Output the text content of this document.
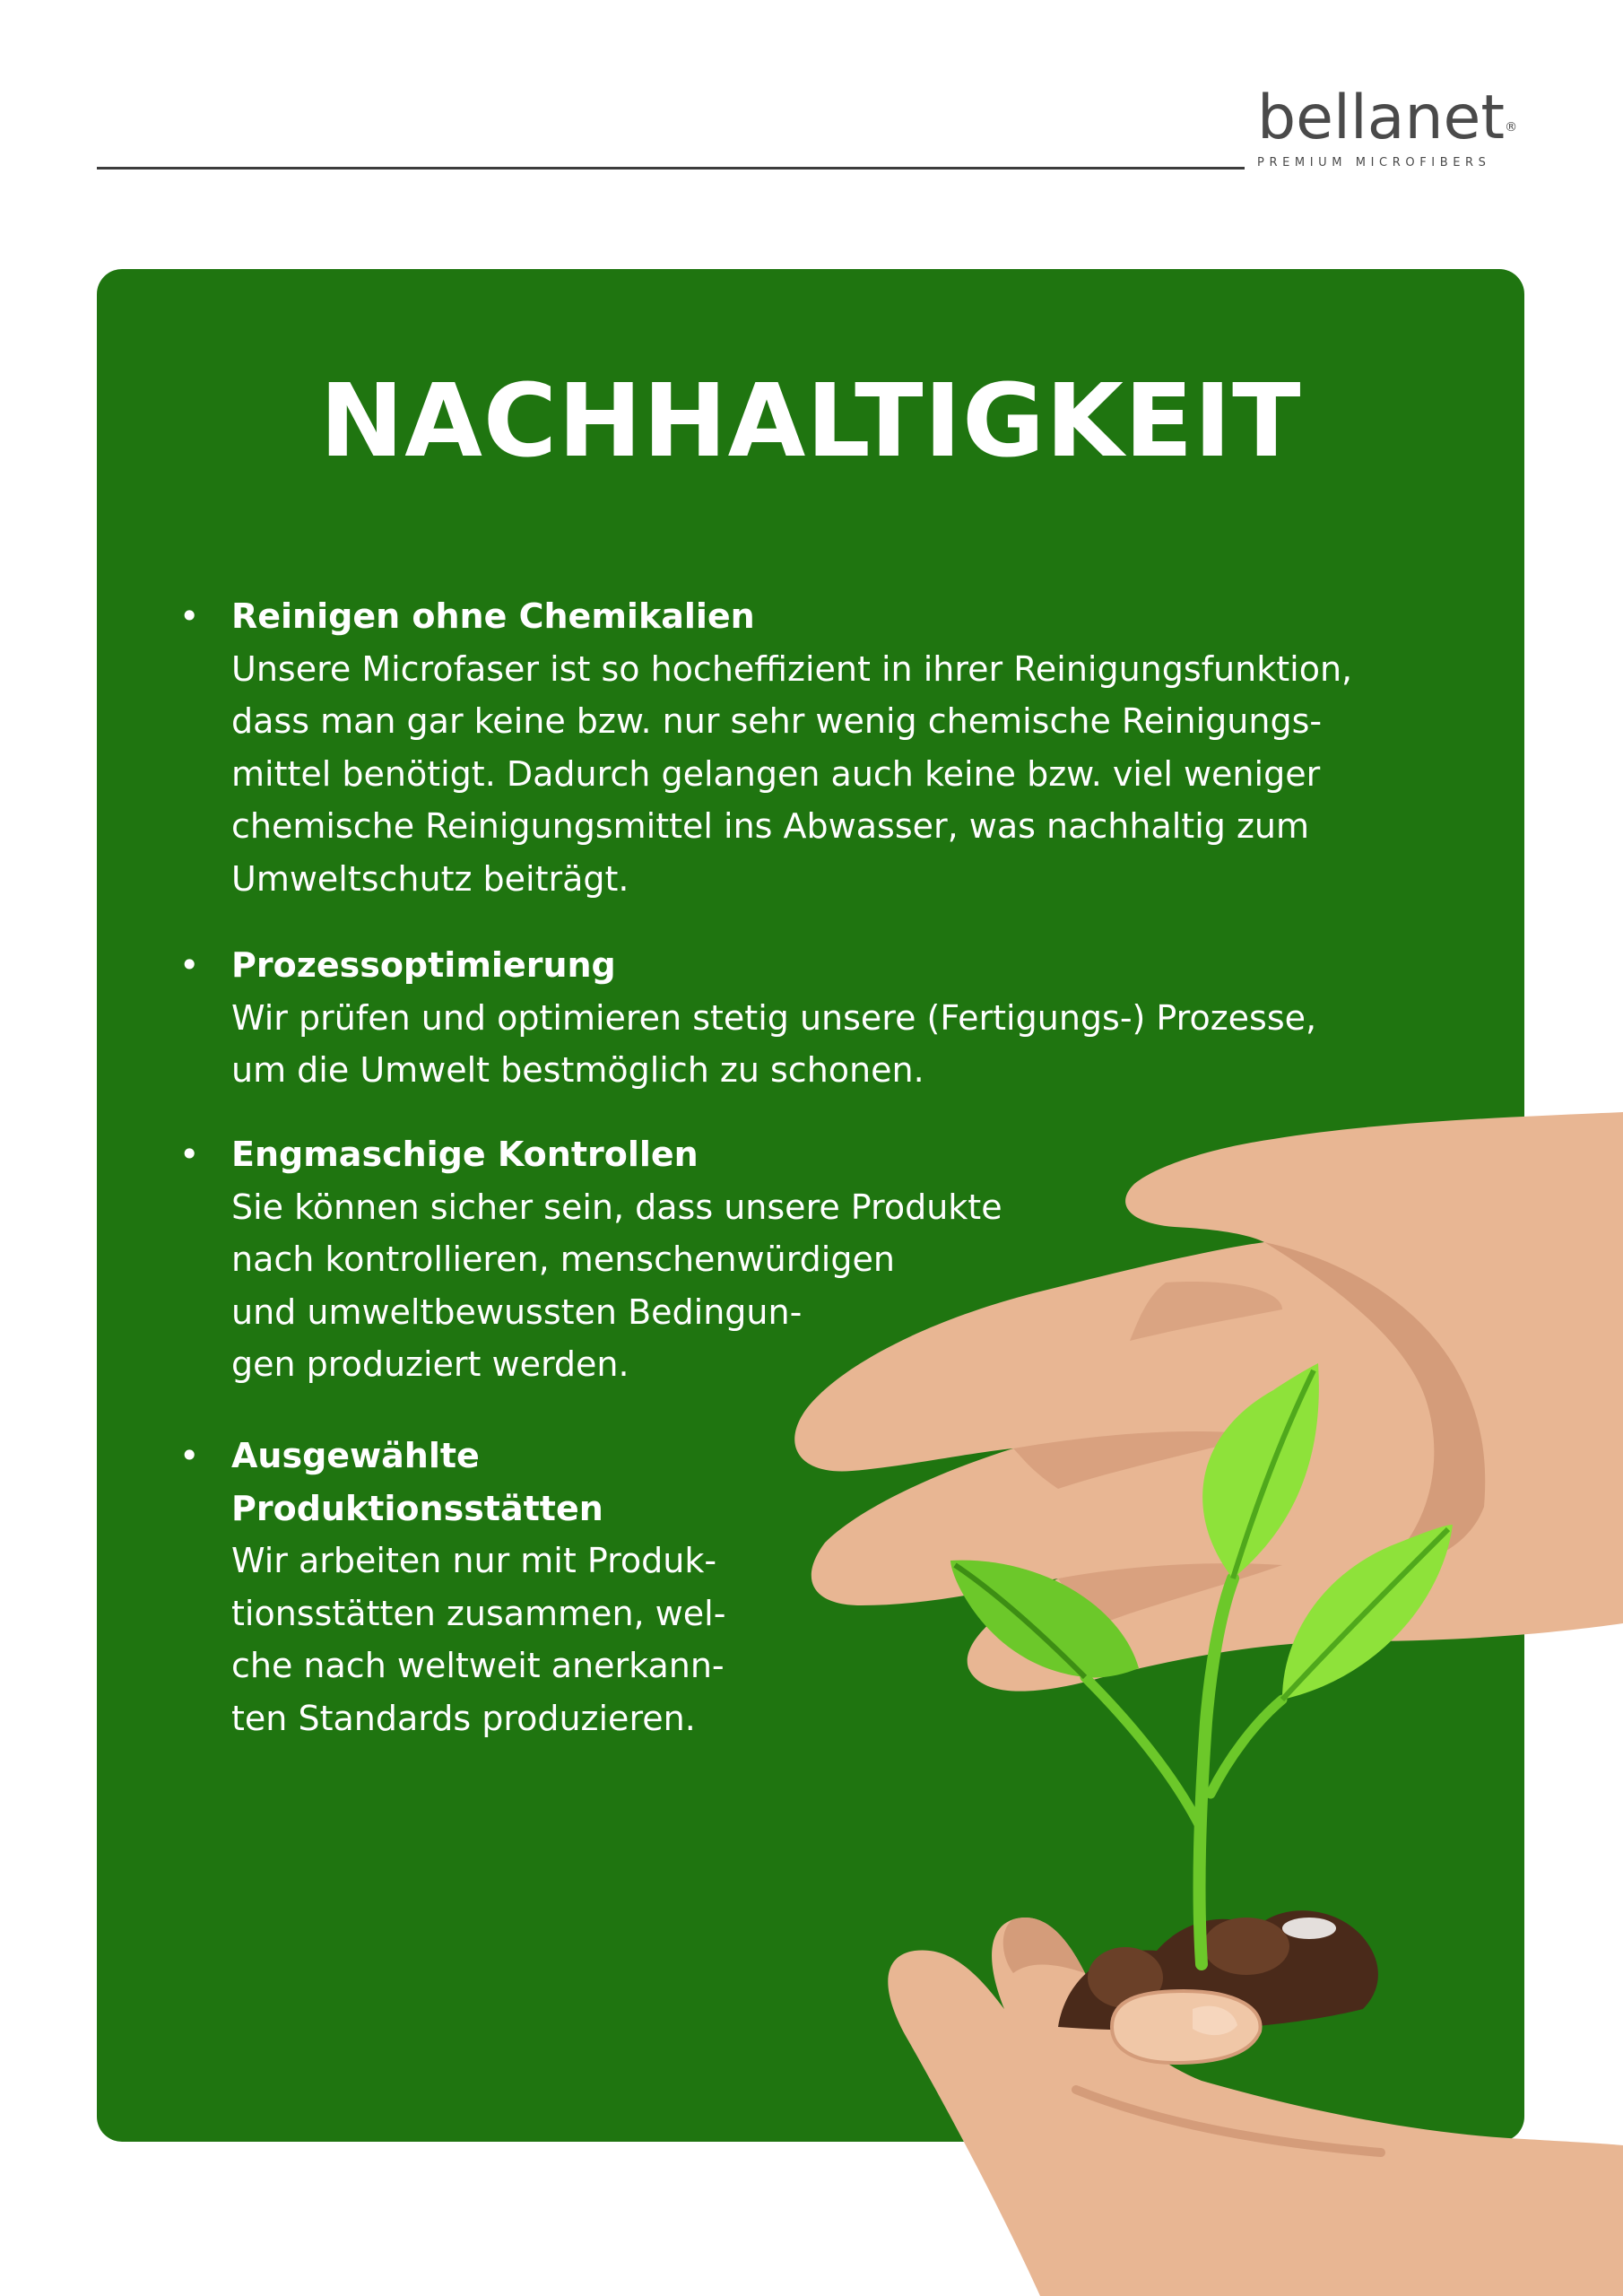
bellanet®
PREMIUM MICROFIBERS
NACHHALTIGKEIT
• Reinigen ohne Chemikalien
Unsere Microfaser ist so hocheffizient in ihrer Reinigungsfunktion,
dass man gar keine bzw. nur sehr wenig chemische Reinigungs-
mittel benötigt. Dadurch gelangen auch keine bzw. viel weniger
chemische Reinigungsmittel ins Abwasser, was nachhaltig zum
Umweltschutz beiträgt.
• Prozessoptimierung
Wir prüfen und optimieren stetig unsere (Fertigungs-) Prozesse,
um die Umwelt bestmöglich zu schonen.
• Engmaschige Kontrollen
Sie können sicher sein, dass unsere Produkte
nach kontrollieren, menschenwürdigen
und umweltbewussten Bedingun-
gen produziert werden.
• Ausgewählte
Produktionsstätten
Wir arbeiten nur mit Produk-
tionsstätten zusammen, wel-
che nach weltweit anerkann-
ten Standards produzieren.
